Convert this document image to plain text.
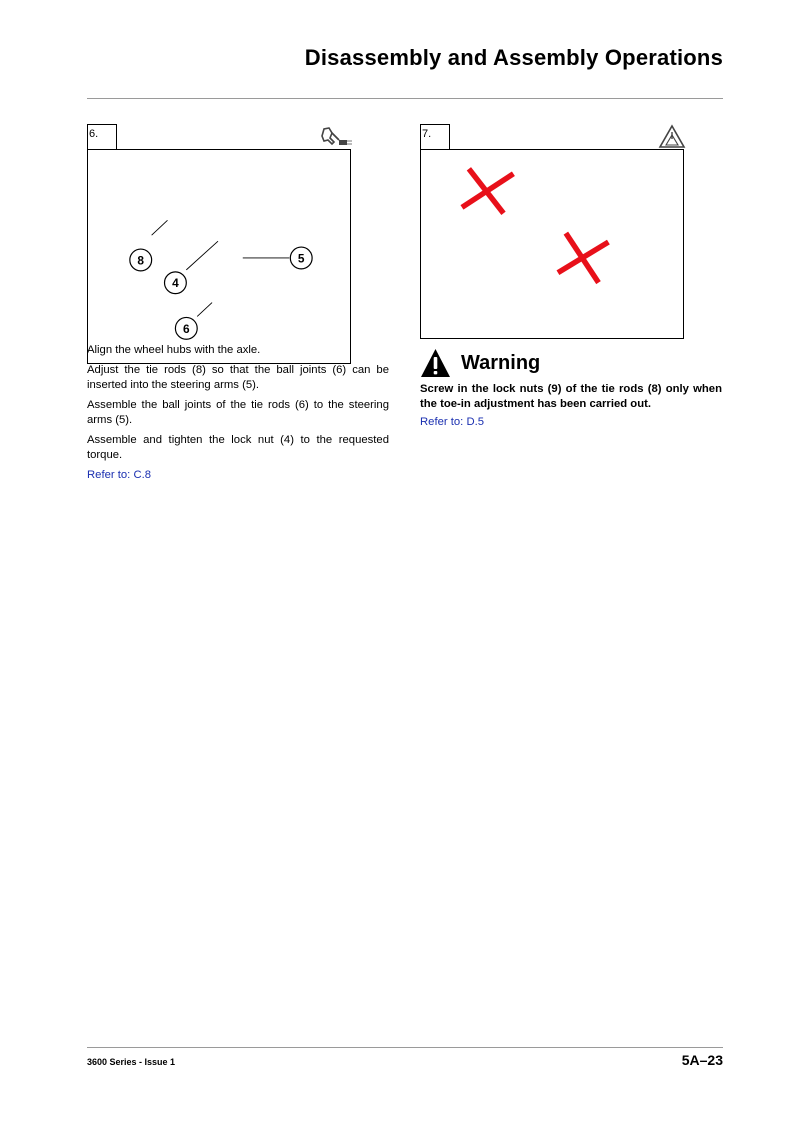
Disassembly and Assembly Operations
6.
8
4
5
6

Align the wheel hubs with the axle.

Adjust the tie rods (8) so that the ball joints (6) can be inserted into the steering arms (5).

Assemble the ball joints of the tie rods (6) to the steering arms (5).

Assemble and tighten the lock nut (4) to the requested torque.

Refer to: C.8

7.
Warning
Screw in the lock nuts (9) of the tie rods (8) only when the toe-in adjustment has been carried out.
Refer to: D.5
3600 Series - Issue 1	5A–23
